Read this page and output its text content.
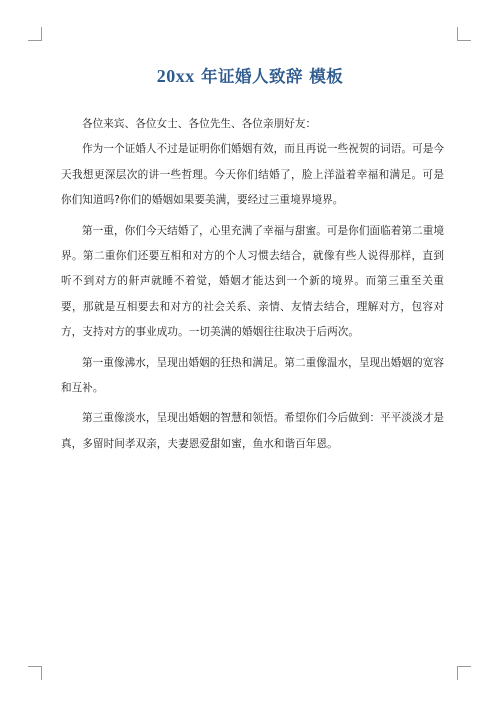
20xx 年证婚人致辞 模板

各位来宾、各位女士、各位先生、各位亲朋好友：

作为一个证婚人不过是证明你们婚姻有效，而且再说一些祝贺的词语。可是今天我想更深层次的讲一些哲理。今天你们结婚了，脸上洋溢着幸福和满足。可是你们知道吗?你们的婚姻如果要美满，要经过三重境界境界。

第一重，你们今天结婚了，心里充满了幸福与甜蜜。可是你们面临着第二重境界。第二重你们还要互相和对方的个人习惯去结合，就像有些人说得那样，直到听不到对方的鼾声就睡不着觉，婚姻才能达到一个新的境界。而第三重至关重要，那就是互相要去和对方的社会关系、亲情、友情去结合，理解对方，包容对方，支持对方的事业成功。一切美满的婚姻往往取决于后两次。

第一重像沸水，呈现出婚姻的狂热和满足。第二重像温水，呈现出婚姻的宽容和互补。

第三重像淡水，呈现出婚姻的智慧和领悟。希望你们今后做到：平平淡淡才是真，多留时间孝双亲，夫妻恩爱甜如蜜，鱼水和谐百年恩。
